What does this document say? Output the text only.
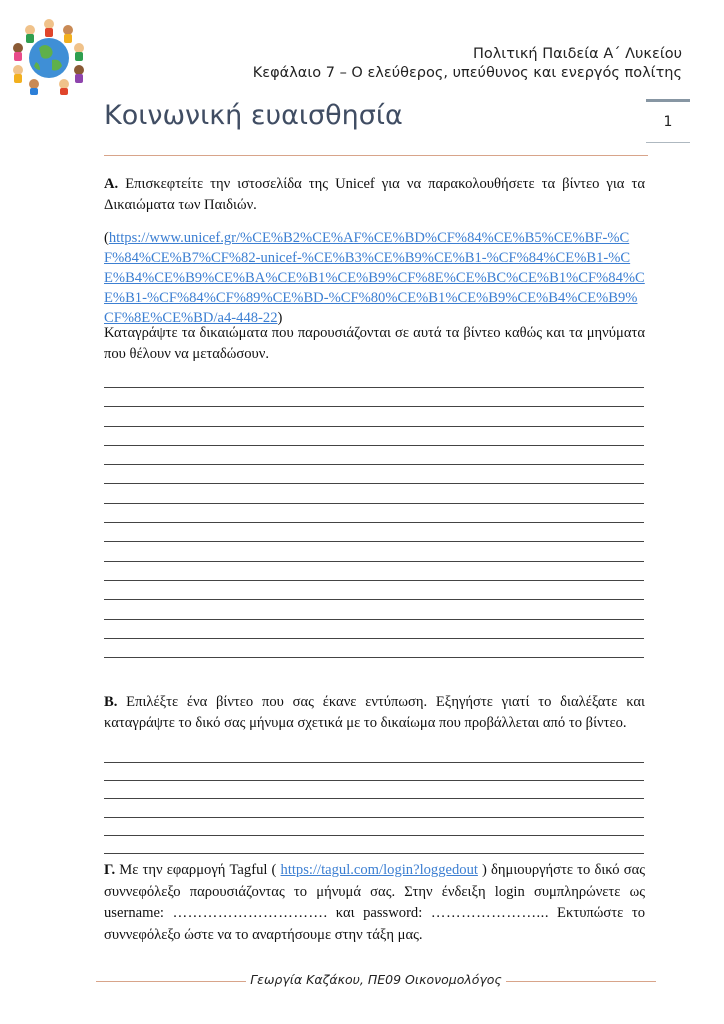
Πολιτική Παιδεία Α΄ Λυκείου
Κεφάλαιο 7 – Ο ελεύθερος, υπεύθυνος και ενεργός πολίτης
Κοινωνική ευαισθησία	1

Α. Επισκεφτείτε την ιστοσελίδα της Unicef για να παρακολουθήσετε τα βίντεο για τα Δικαιώματα των Παιδιών.

(https://www.unicef.gr/%CE%B2%CE%AF%CE%BD%CF%84%CE%B5%CE%BF-%CF%84%CE%B7%CF%82-unicef-%CE%B3%CE%B9%CE%B1-%CF%84%CE%B1-%CE%B4%CE%B9%CE%BA%CE%B1%CE%B9%CF%8E%CE%BC%CE%B1%CF%84%CE%B1-%CF%84%CF%89%CE%BD-%CF%80%CE%B1%CE%B9%CE%B4%CE%B9%CF%8E%CE%BD/a4-448-22)

Καταγράψτε τα δικαιώματα που παρουσιάζονται σε αυτά τα βίντεο καθώς και τα μηνύματα που θέλουν να μεταδώσουν.

Β. Επιλέξτε ένα βίντεο που σας έκανε εντύπωση. Εξηγήστε γιατί το διαλέξατε και καταγράψτε το δικό σας μήνυμα σχετικά με το δικαίωμα που προβάλλεται από το βίντεο.

Γ. Με την εφαρμογή Tagful ( https://tagul.com/login?loggedout ) δημιουργήστε το δικό σας συννεφόλεξο παρουσιάζοντας το μήνυμά σας. Στην ένδειξη login συμπληρώνετε ως username: …………………………. και password: …………………... Εκτυπώστε το συννεφόλεξο ώστε να το αναρτήσουμε στην τάξη μας.

Γεωργία Καζάκου, ΠΕ09 Οικονομολόγος
